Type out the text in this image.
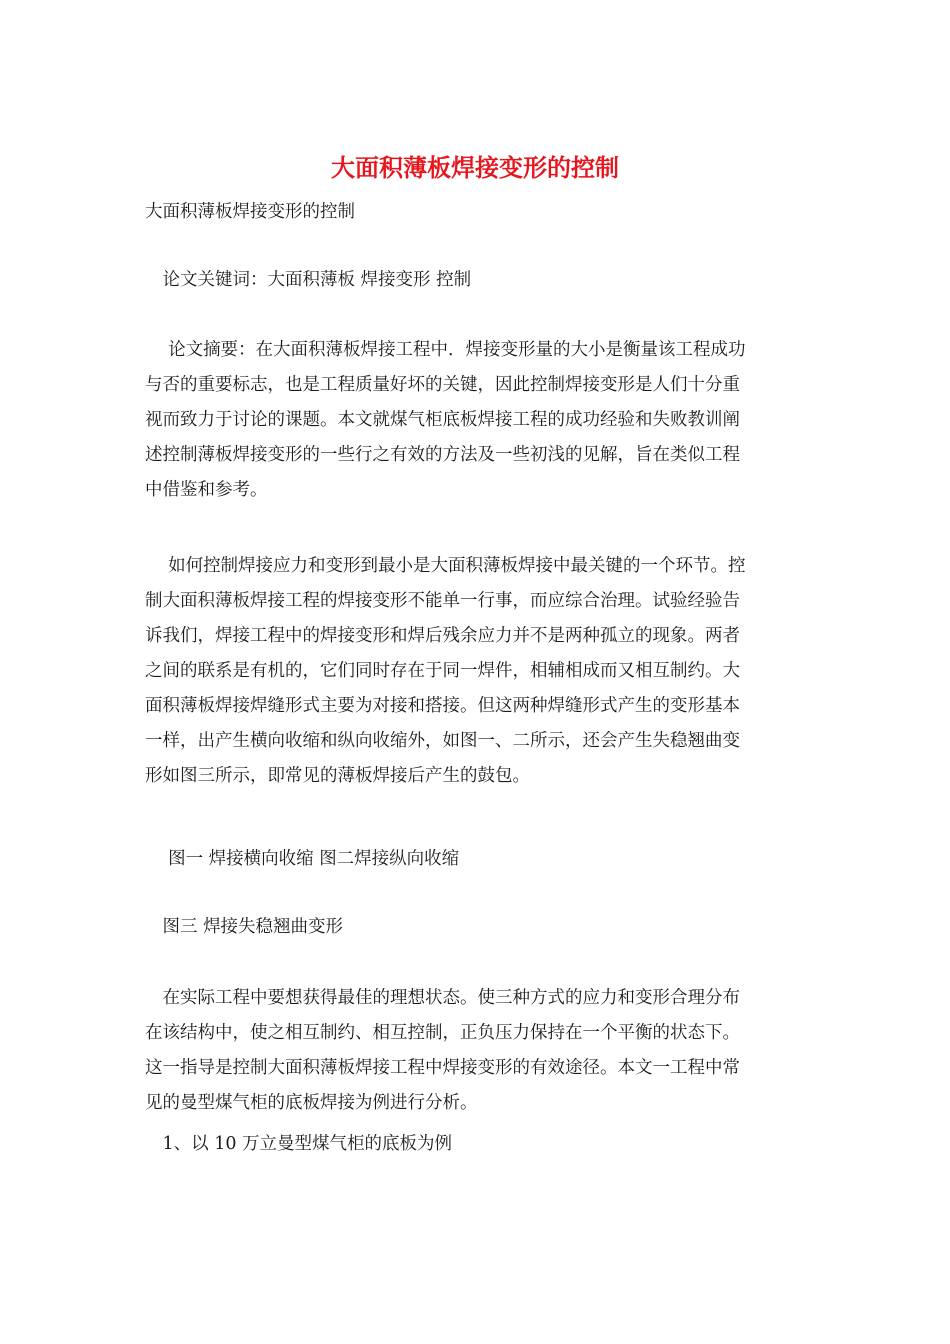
大面积薄板焊接变形的控制

大面积薄板焊接变形的控制

　论文关键词：大面积薄板 焊接变形 控制

　 论文摘要：在大面积薄板焊接工程中．焊接变形量的大小是衡量该工程成功
与否的重要标志，也是工程质量好坏的关键，因此控制焊接变形是人们十分重
视而致力于讨论的课题。本文就煤气柜底板焊接工程的成功经验和失败教训阐
述控制薄板焊接变形的一些行之有效的方法及一些初浅的见解，旨在类似工程
中借鉴和参考。
　 如何控制焊接应力和变形到最小是大面积薄板焊接中最关键的一个环节。控
制大面积薄板焊接工程的焊接变形不能单一行事，而应综合治理。试验经验告
诉我们，焊接工程中的焊接变形和焊后残余应力并不是两种孤立的现象。两者
之间的联系是有机的，它们同时存在于同一焊件，相辅相成而又相互制约。大
面积薄板焊接焊缝形式主要为对接和搭接。但这两种焊缝形式产生的变形基本
一样，出产生横向收缩和纵向收缩外，如图一、二所示，还会产生失稳翘曲变
形如图三所示，即常见的薄板焊接后产生的鼓包。

　 图一 焊接横向收缩 图二焊接纵向收缩

　图三 焊接失稳翘曲变形

　在实际工程中要想获得最佳的理想状态。使三种方式的应力和变形合理分布
在该结构中，使之相互制约、相互控制，正负压力保持在一个平衡的状态下。
这一指导是控制大面积薄板焊接工程中焊接变形的有效途径。本文一工程中常
见的曼型煤气柜的底板焊接为例进行分析。

　1、以 10 万立曼型煤气柜的底板为例
